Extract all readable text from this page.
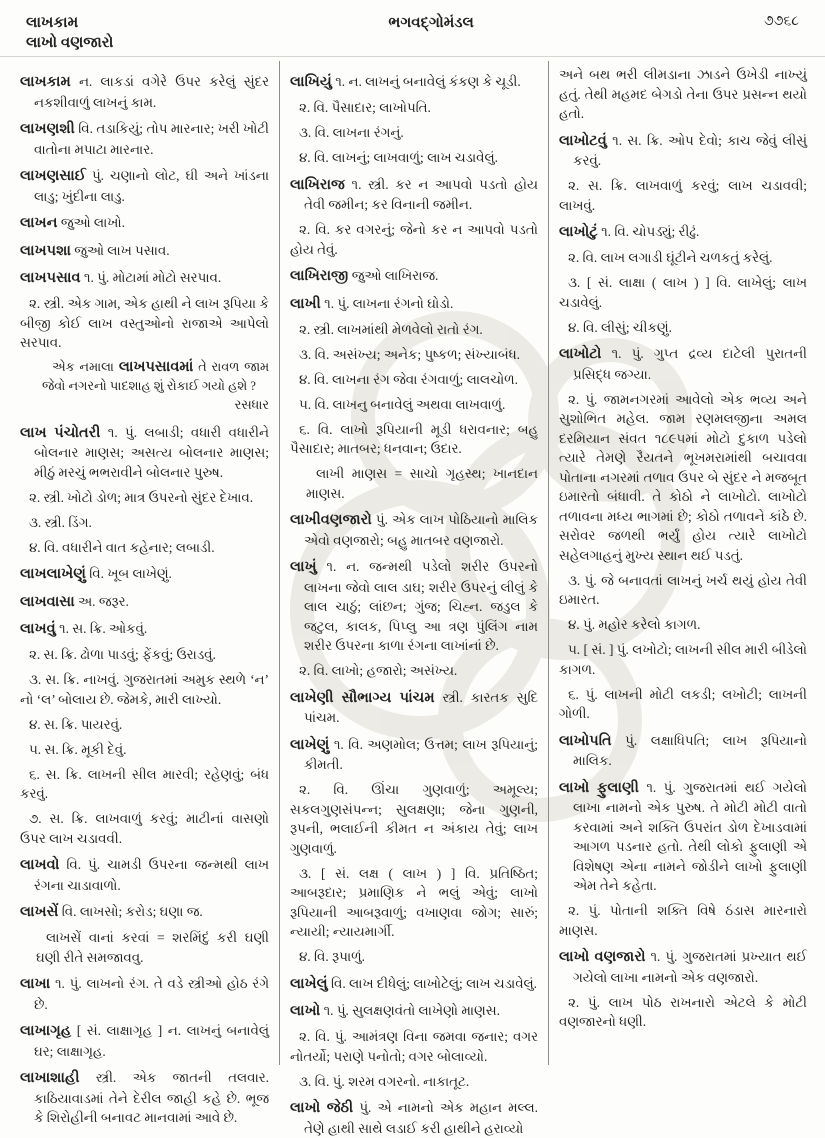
લાખકામ	ભગવદ્ગોમંડલ	૭૭૬૮
લાખો વણજારો
લાખકામ ન. લાકડાં વગેરે ઉપર કરેલું સુંદર નકશીવાળું લાખનું કામ.
લાખણશી વિ. તડાકિયું; તોપ મારનાર; ખરી ખોટી વાતોના મપાટા મારનાર.
લાખણસાઈ પું. ચણાનો લોટ, ઘી અને ખાંડના લાડુ; ખુંદીના લાડુ.
લાખન જુઓ લાખો.
લાખપશા જુઓ લાખ પસાવ.
લાખપસાવ ૧. પું. મોટામાં મોટો સરપાવ.
૨. સ્ત્રી. એક ગામ, એક હાથી ને લાખ રૂપિયા કે બીજી કોઈ લાખ વસ્તુઓનો રાજાએ આપેલો સરપાવ.
એક નમાલા લાખપસાવમાં તે રાવળ જામ જેવો નગરનો પાદશાહ શું રોકાઈ ગયો હશે ?
રસધાર
લાખ પંચોતરી ૧. પું. લબાડી; વધારી વધારીને બોલનાર માણસ; અસત્ય બોલનાર માણસ; મીઠું મરચું ભભરાવીને બોલનાર પુરુષ.
૨. સ્ત્રી. ખોટો ડોળ; માત્ર ઉપરનો સુંદર દેખાવ.
૩. સ્ત્રી. ડિંગ.
૪. વિ. વધારીને વાત કહેનાર; લબાડી.
લાખલાખેણું વિ. ખૂબ લાખેણું.
લાખવાસા અ. જરૂર.
લાખવું ૧. સ. ક્રિ. ઓકવું.
૨. સ. ક્રિ. ઢોળા પાડવું; ફેંકવું; ઉરાડવું.
૩. સ. ક્રિ. નાખવું. ગુજરાતમાં અમુક સ્થળે ‘ન’ નો ‘લ’ બોલાય છે. જેમકે, મારી લાખ્યો.
૪. સ. ક્રિ. પાયરવું.
૫. સ. ક્રિ. મૂકી દેવું.
૬. સ. ક્રિ. લાખની સીલ મારવી; રહેણવું; બંધ કરવું.
૭. સ. ક્રિ. લાખવાળું કરવું; માટીનાં વાસણો ઉપર લાખ ચડાવવી.
લાખવો વિ. પું. ચામડી ઉપરના જન્મથી લાખ રંગના ચાડાવાળો.
લાખસેં વિ. લાખસો; કરોડ; ઘણા જ.
લાખસેં વાનાં કરવાં = શરમિંદું કરી ઘણી ઘણી રીતે સમજાવવુ.
લાખા ૧. પું. લાખનો રંગ. તે વડે સ્ત્રીઓ હોઠ રંગે છે.
લાખાગૃહ [ સં. લાક્ષાગૃહ ] ન. લાખનું બનાવેલું ઘર; લાક્ષાગૃહ.
લાખાશાહી સ્ત્રી. એક જાતની તલવાર. કાઠિયાવાડમાં તેને દેરીલ જાહી કહે છે. ભૂજ કે શિરોહીની બનાવટ માનવામાં આવે છે.
લાખિયું ૧. ન. લાખનું બનાવેલું કંકણ કે ચૂડી.
૨. વિ. પૈસાદાર; લાખોપતિ.
૩. વિ. લાખના રંગનું.
૪. વિ. લાખનું; લાખવાળું; લાખ ચડાવેલું.
લાખિરાજ ૧. સ્ત્રી. કર ન આપવો પડતો હોય તેવી જમીન; કર વિનાની જમીન.
૨. વિ. કર વગરનું; જેનો કર ન આપવો પડતો હોય તેવું.
લાખિરાજી જુઓ લાખિરાજ.
લાખી ૧. પું. લાખના રંગનો ઘોડો.
૨. સ્ત્રી. લાખમાંથી મેળવેલો રાતો રંગ.
૩. વિ. અસંખ્ય; અનેક; પુષ્કળ; સંખ્યાબંધ.
૪. વિ. લાખના રંગ જેવા રંગવાળું; લાલચોળ.
૫. વિ. લાખનુ બનાવેલું અથવા લાખવાળું.
૬. વિ. લાખો રૂપિયાની મૂડી ધરાવનાર; બહુ પૈસાદાર; માતબર; ધનવાન; ઉદાર.
લાખી માણસ = સાચો ગૃહસ્થ; ખાનદાન માણસ.
લાખીવણજારો પું. એક લાખ પોઠિયાનો માલિક એવો વણજારો; બહુ માતબર વણજારો.
લાખું ૧. ન. જન્મથી પડેલો શરીર ઉપરનો લાખના જેવો લાલ ડાઘ; શરીર ઉપરનું લીલું કે લાલ ચાઠું; લાંછન; ગુંજ; ચિહ્ન. જડુલ કે જટુલ, કાલક, પિપ્લુ આ ત્રણ પુંલિંગ નામ શરીર ઉપરના કાળા રંગના લાખાંનાં છે.
૨. વિ. લાખો; હજારો; અસંખ્ય.
લાખેણી સૌભાગ્ય પાંચમ સ્ત્રી. કારતક સુદિ પાંચમ.
લાખેણું ૧. વિ. અણમોલ; ઉત્તમ; લાખ રૂપિયાનું; કીમતી.
૨. વિ. ઊંચા ગુણવાળું; અમૂલ્ય; સકલગુણસંપન્ન; સુલક્ષણા; જેના ગુણની, રૂપની, ભલાઈની કીમત ન અંકાય તેવું; લાખ ગુણવાળું.
૩. [ સં. લક્ષ ( લાખ ) ] વિ. પ્રતિષ્ઠિત; આબરૂદાર; પ્રમાણિક ને ભલું એવું; લાખો રૂપિયાની આબરૂવાળું; વખાણવા જોગ; સારું; ન્યાયી; ન્યાયમાર્ગી.
૪. વિ. રૂપાળું.
લાખેલું વિ. લાખ દીધેલું; લાખોટેલું; લાખ ચડાવેલું.
લાખો ૧. પું. સુલક્ષણવંતો લાખેણો માણસ.
૨. વિ. પું. આમંત્રણ વિના જમવા જનાર; વગર નોતર્યો; પરાણે પનોતો; વગર બોલાવ્યો.
૩. વિ. પું. શરમ વગરનો. નાકાતૂટ.
લાખો જેઠી પું. એ નામનો એક મહાન મલ્લ. તેણે હાથી સાથે લડાઈ કરી હાથીને હરાવ્યો
અને બથ ભરી લીમડાના ઝાડને ઉખેડી નાખ્યું હતું. તેથી મહમદ બેગડો તેના ઉપર પ્રસન્ન થયો હતો.
લાખોટવું ૧. સ. ક્રિ. ઓપ દેવો; કાચ જેવું લીસું કરવું.
૨. સ. ક્રિ. લાખવાળું કરવું; લાખ ચડાવવી; લાખવું.
લાખોટું ૧. વિ. ચોપડ્યું; રીઢું.
૨. વિ. લાખ લગાડી ઘૂંટીને ચળકતું કરેલું.
૩. [ સં. લાક્ષા ( લાખ ) ] વિ. લાખેલું; લાખ ચડાવેલું.
૪. વિ. લીસું; ચીકણું.
લાખોટો ૧. પું. ગુપ્ત દ્રવ્ય દાટેલી પુરાતની પ્રસિદ્ધ જગ્યા.
૨. પું. જામનગરમાં આવેલો એક ભવ્ય અને સુશોભિત મહેલ. જામ રણમલજીના અમલ દરમિયાન સંવત ૧૮૯૫માં મોટો દુકાળ પડેલો ત્યારે તેમણે રૈયતને ભૂખમરામાંથી બચાવવા પોતાના નગરમાં તળાવ ઉપર બે સુંદર ને મજબૂત ઇમારતો બંધાવી. તે કોઠો ને લાખોટો. લાખોટો તળાવના મધ્ય ભાગમાં છે; કોઠો તળાવને કાંઠે છે. સરોવર જળથી ભર્યું હોય ત્યારે લાખોટો સહેલગાહનું મુખ્ય સ્થાન થઈ પડતું.
૩. પું. જે બનાવતાં લાખનું ખર્ચ થયું હોય તેવી ઇમારત.
૪. પું. મહોર કરેલો કાગળ.
૫. [ સં. ] પું. લખોટો; લાખની સીલ મારી બીડેલો કાગળ.
૬. પું. લાખની મોટી લકડી; લખોટી; લાખની ગોળી.
લાખોપતિ પું. લક્ષાધિપતિ; લાખ રૂપિયાનો માલિક.
લાખો ફુલાણી ૧. પું. ગુજરાતમાં થઈ ગયેલો લાખા નામનો એક પુરુષ. તે મોટી મોટી વાતો કરવામાં અને શક્તિ ઉપરાંત ડોળ દેખાડવામાં આગળ પડનાર હતો. તેથી લોકો ફુલાણી એ વિશેષણ એના નામને જોડીને લાખો ફુલાણી એમ તેને કહેતા.
૨. પું. પોતાની શક્તિ વિષે ઠંડાસ મારનારો માણસ.
લાખો વણજારો ૧. પું. ગુજરાતમાં પ્રખ્યાત થઈ ગયેલો લાખા નામનો એક વણજારો.
૨. પું. લાખ પોઠ રાખનારો એટલે કે મોટી વણજારનો ધણી.
